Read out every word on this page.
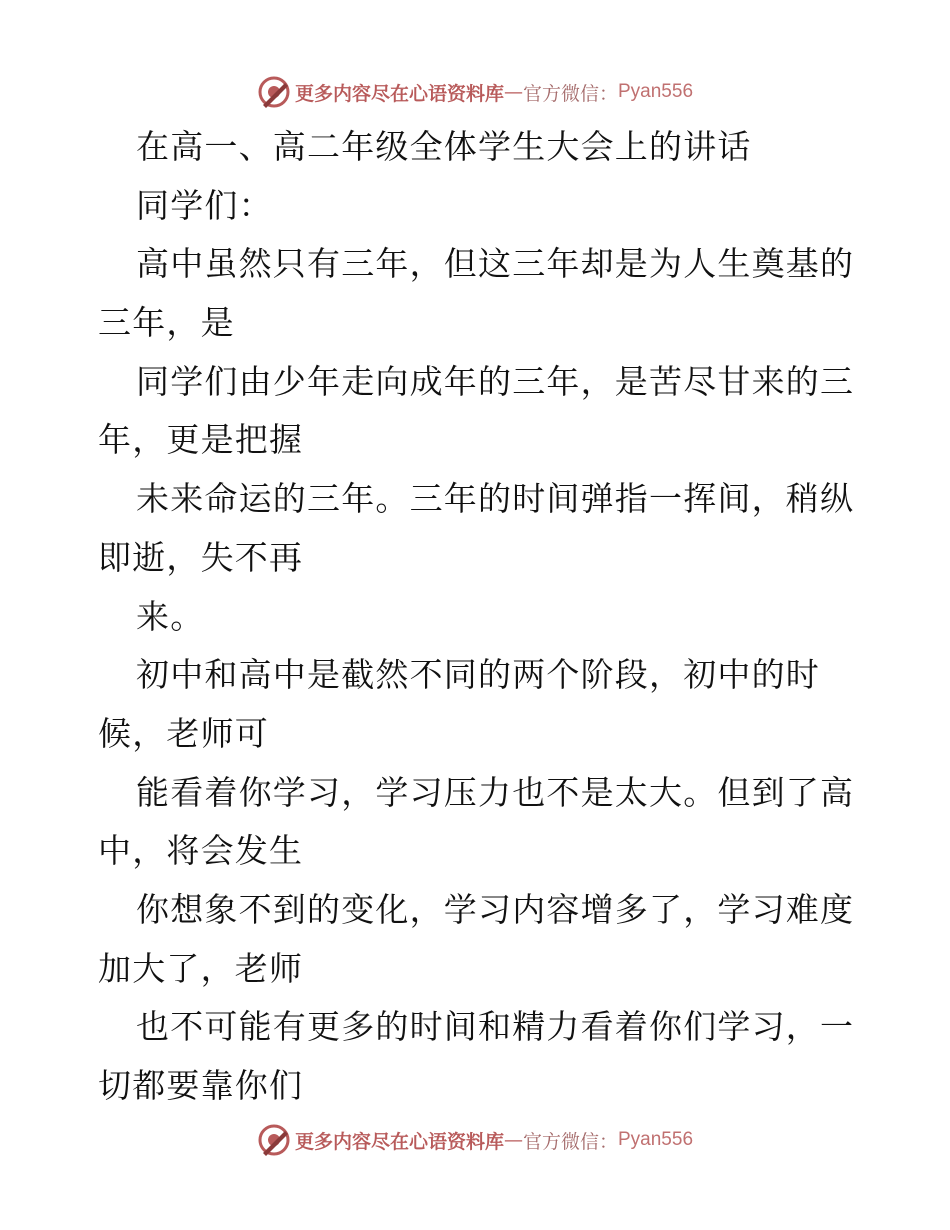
更多内容尽在心语资料库 — 官方微信： Pyan556
在高一、高二年级全体学生大会上的讲话
同学们：
高中虽然只有三年，但这三年却是为人生奠基的
三年，是
同学们由少年走向成年的三年，是苦尽甘来的三
年，更是把握
未来命运的三年。三年的时间弹指一挥间，稍纵
即逝，失不再
来。
初中和高中是截然不同的两个阶段，初中的时
候，老师可
能看着你学习，学习压力也不是太大。但到了高
中，将会发生
你想象不到的变化，学习内容增多了，学习难度
加大了，老师
也不可能有更多的时间和精力看着你们学习，一
切都要靠你们
更多内容尽在心语资料库 — 官方微信： Pyan556
